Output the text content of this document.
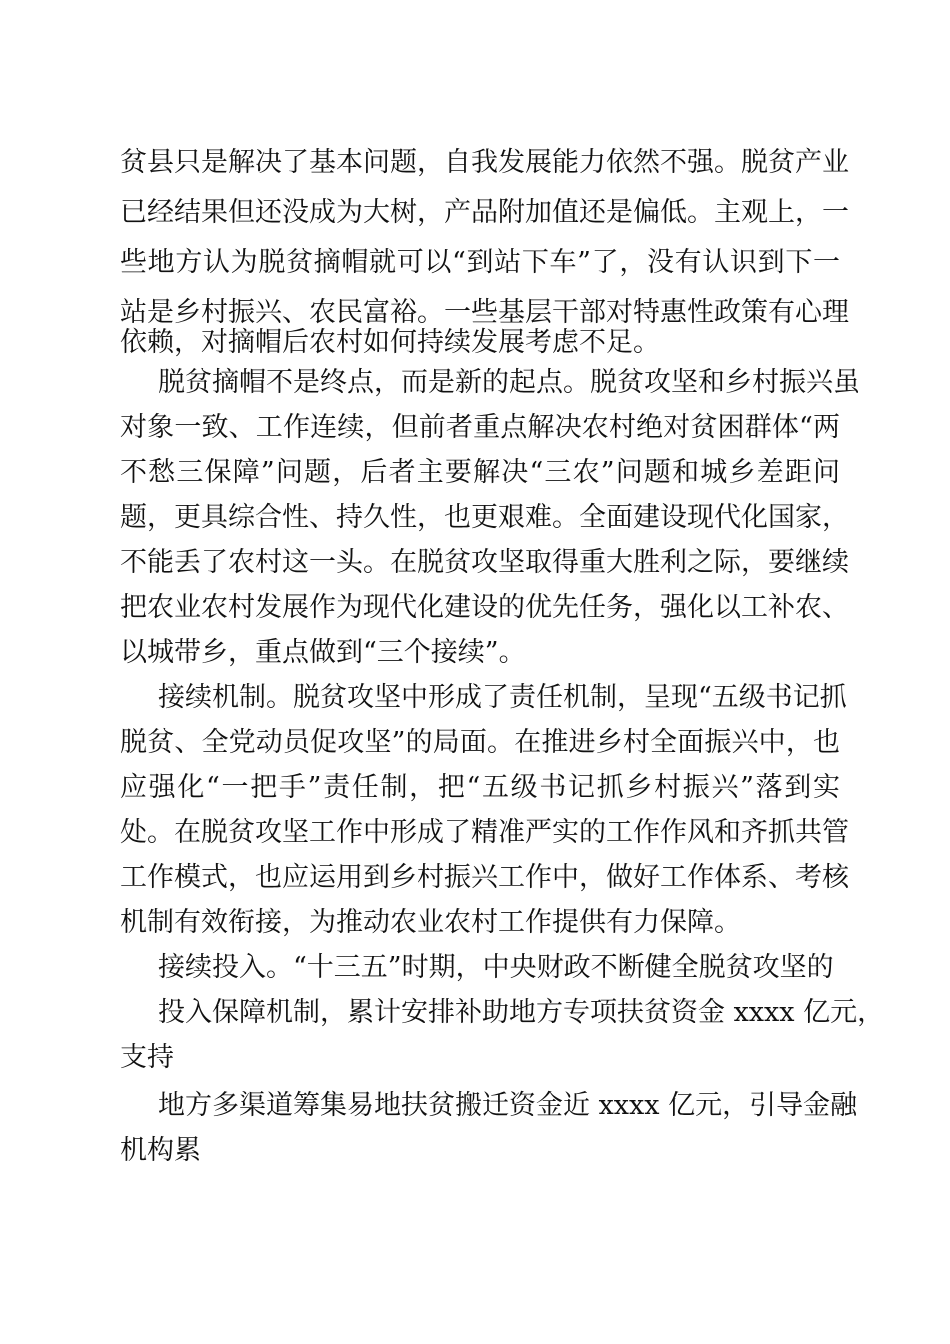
贫县只是解决了基本问题，自我发展能力依然不强。脱贫产业
已经结果但还没成为大树，产品附加值还是偏低。主观上，一
些地方认为脱贫摘帽就可以“到站下车”了，没有认识到下一
站是乡村振兴、农民富裕。一些基层干部对特惠性政策有心理
依赖，对摘帽后农村如何持续发展考虑不足。
脱贫摘帽不是终点，而是新的起点。脱贫攻坚和乡村振兴虽
对象一致、工作连续，但前者重点解决农村绝对贫困群体“两
不愁三保障”问题，后者主要解决“三农”问题和城乡差距问
题，更具综合性、持久性，也更艰难。全面建设现代化国家，
不能丢了农村这一头。在脱贫攻坚取得重大胜利之际，要继续
把农业农村发展作为现代化建设的优先任务，强化以工补农、
以城带乡，重点做到“三个接续”。
接续机制。脱贫攻坚中形成了责任机制，呈现“五级书记抓
脱贫、全党动员促攻坚”的局面。在推进乡村全面振兴中，也
应强化“一把手”责任制，把“五级书记抓乡村振兴”落到实
处。在脱贫攻坚工作中形成了精准严实的工作作风和齐抓共管
工作模式，也应运用到乡村振兴工作中，做好工作体系、考核
机制有效衔接，为推动农业农村工作提供有力保障。
接续投入。“十三五”时期，中央财政不断健全脱贫攻坚的
投入保障机制，累计安排补助地方专项扶贫资金 xxxx 亿元，
支持
地方多渠道筹集易地扶贫搬迁资金近 xxxx 亿元，引导金融
机构累
